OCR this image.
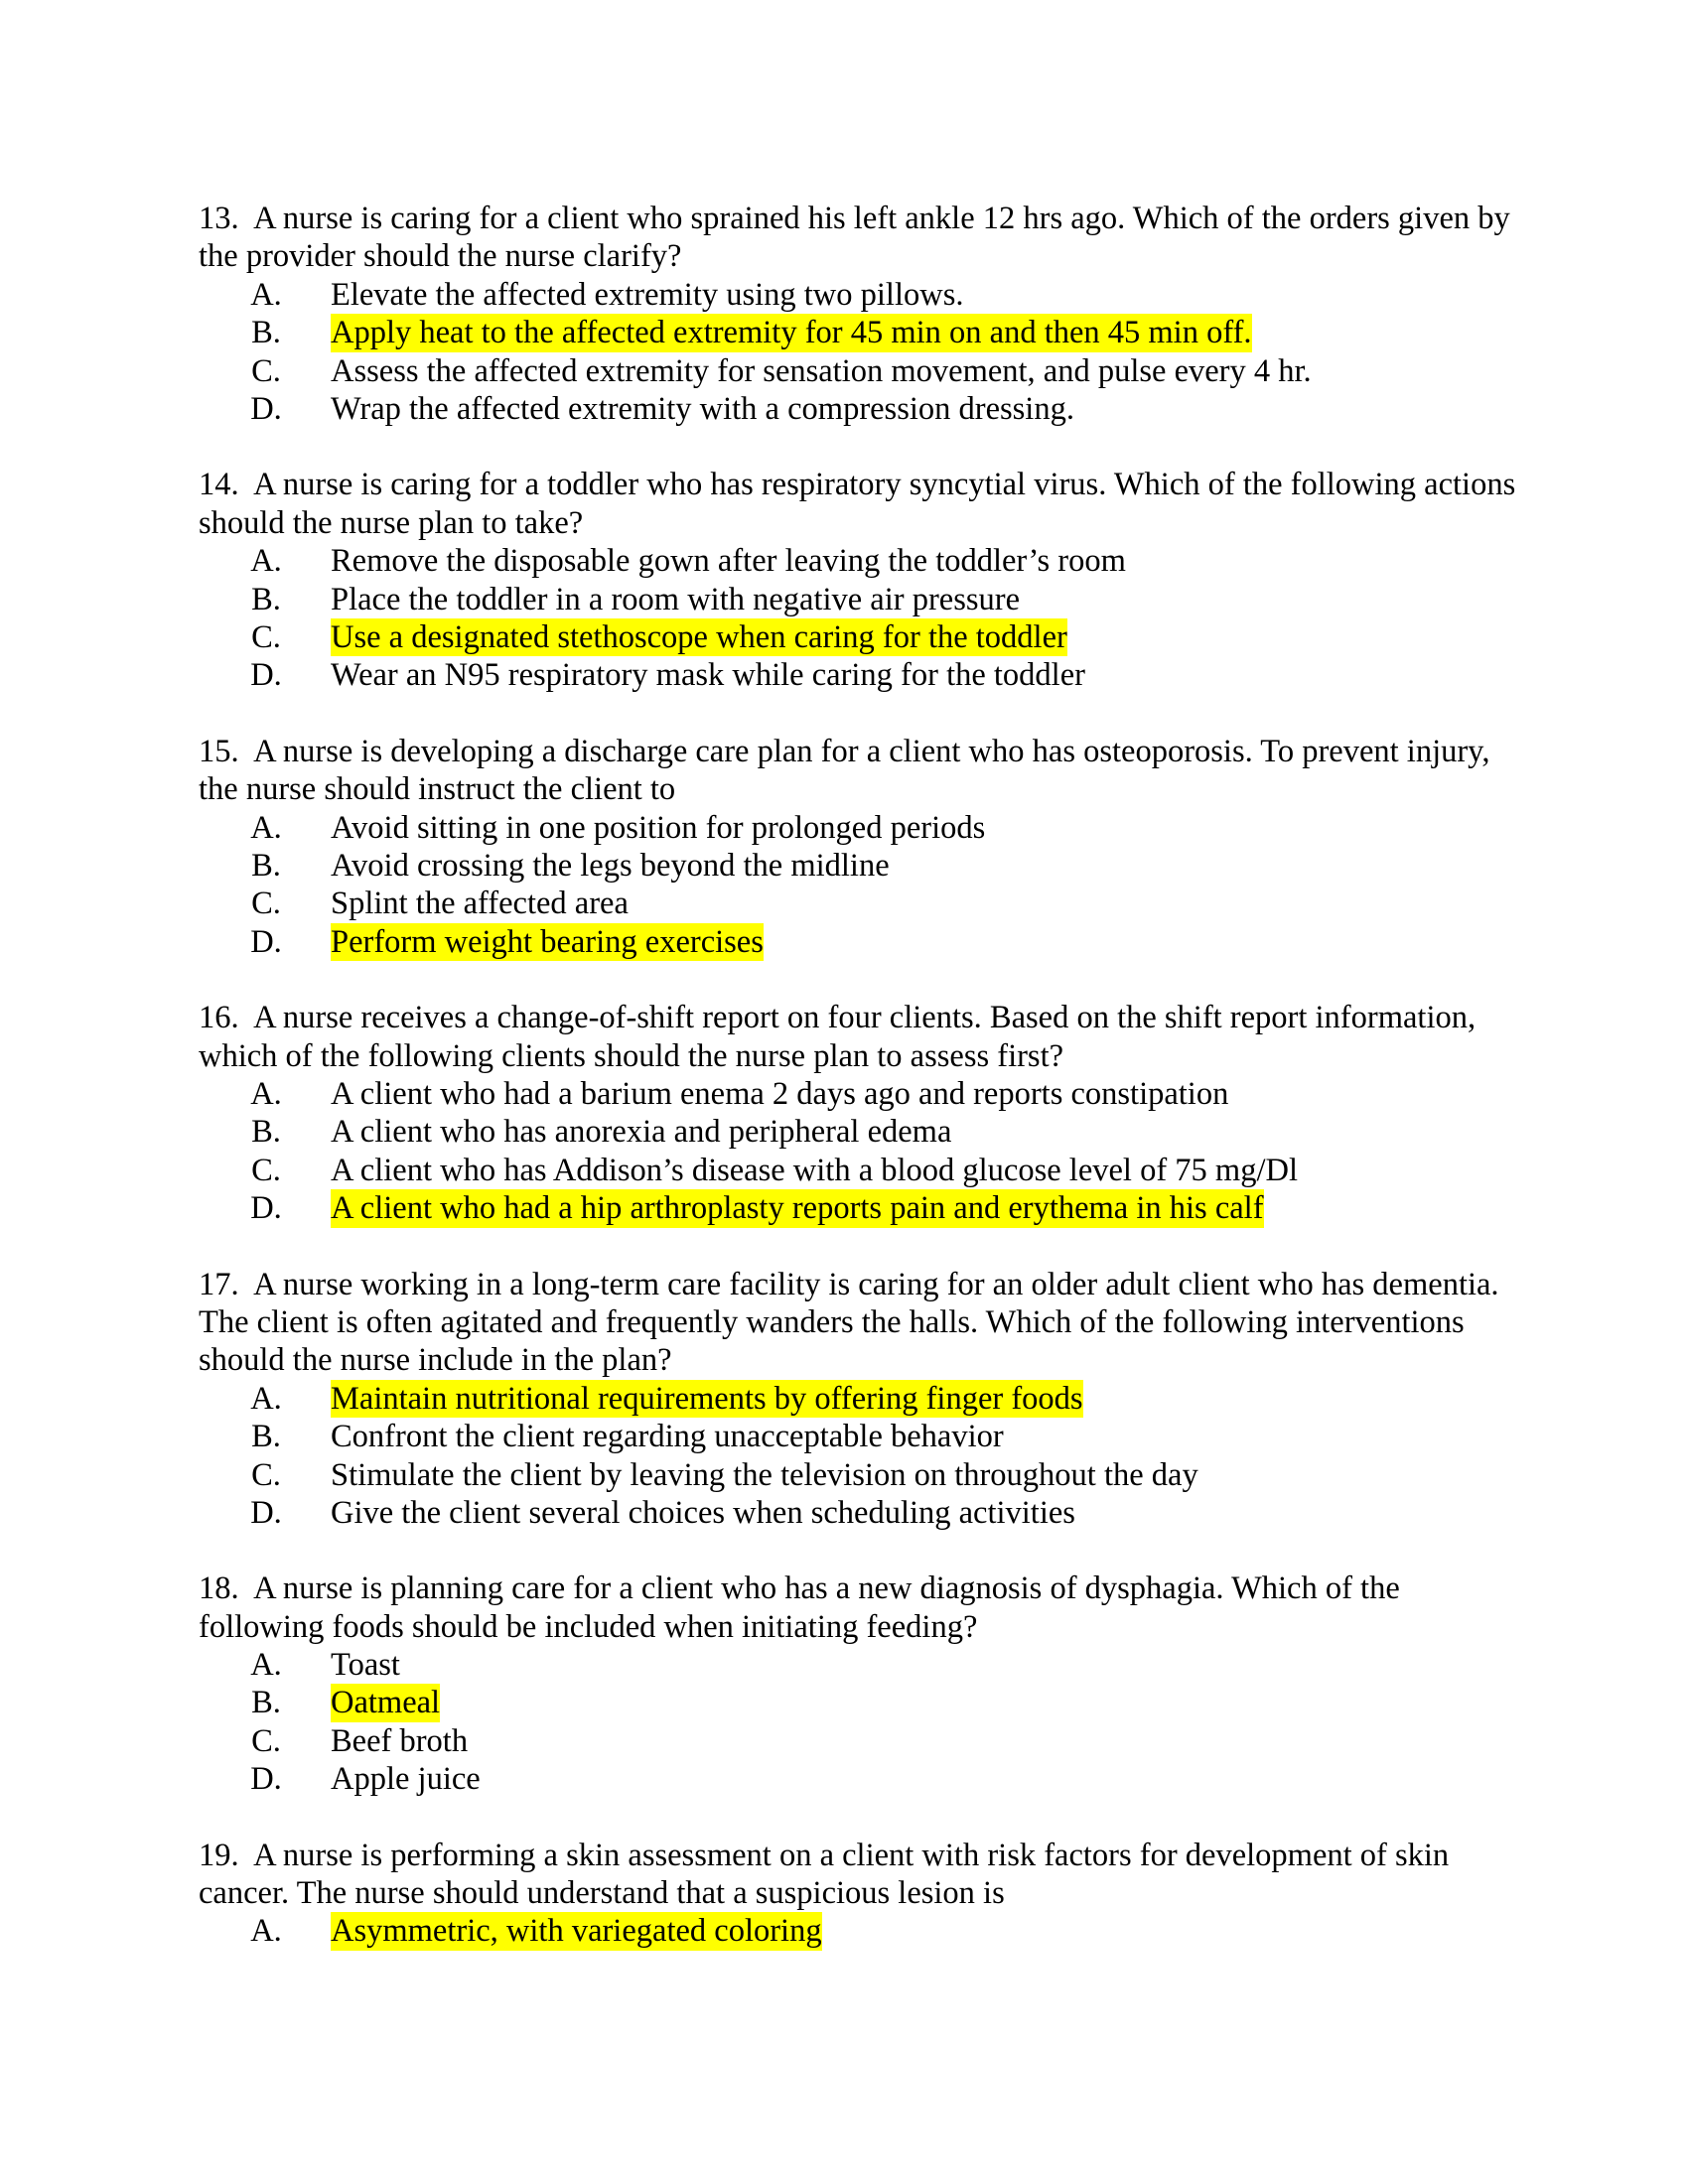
13. A nurse is caring for a client who sprained his left ankle 12 hrs ago. Which of the orders given by the provider should the nurse clarify?

A. Elevate the affected extremity using two pillows.
B. Apply heat to the affected extremity for 45 min on and then 45 min off.
C. Assess the affected extremity for sensation movement, and pulse every 4 hr.
D. Wrap the affected extremity with a compression dressing.

14. A nurse is caring for a toddler who has respiratory syncytial virus. Which of the following actions should the nurse plan to take?

A. Remove the disposable gown after leaving the toddler’s room
B. Place the toddler in a room with negative air pressure
C. Use a designated stethoscope when caring for the toddler
D. Wear an N95 respiratory mask while caring for the toddler

15. A nurse is developing a discharge care plan for a client who has osteoporosis. To prevent injury, the nurse should instruct the client to

A. Avoid sitting in one position for prolonged periods
B. Avoid crossing the legs beyond the midline
C. Splint the affected area
D. Perform weight bearing exercises

16. A nurse receives a change-of-shift report on four clients. Based on the shift report information, which of the following clients should the nurse plan to assess first?

A. A client who had a barium enema 2 days ago and reports constipation
B. A client who has anorexia and peripheral edema
C. A client who has Addison’s disease with a blood glucose level of 75 mg/Dl
D. A client who had a hip arthroplasty reports pain and erythema in his calf

17. A nurse working in a long-term care facility is caring for an older adult client who has dementia. The client is often agitated and frequently wanders the halls. Which of the following interventions should the nurse include in the plan?

A. Maintain nutritional requirements by offering finger foods
B. Confront the client regarding unacceptable behavior
C. Stimulate the client by leaving the television on throughout the day
D. Give the client several choices when scheduling activities

18. A nurse is planning care for a client who has a new diagnosis of dysphagia. Which of the following foods should be included when initiating feeding?

A. Toast
B. Oatmeal
C. Beef broth
D. Apple juice

19. A nurse is performing a skin assessment on a client with risk factors for development of skin cancer. The nurse should understand that a suspicious lesion is

A. Asymmetric, with variegated coloring
